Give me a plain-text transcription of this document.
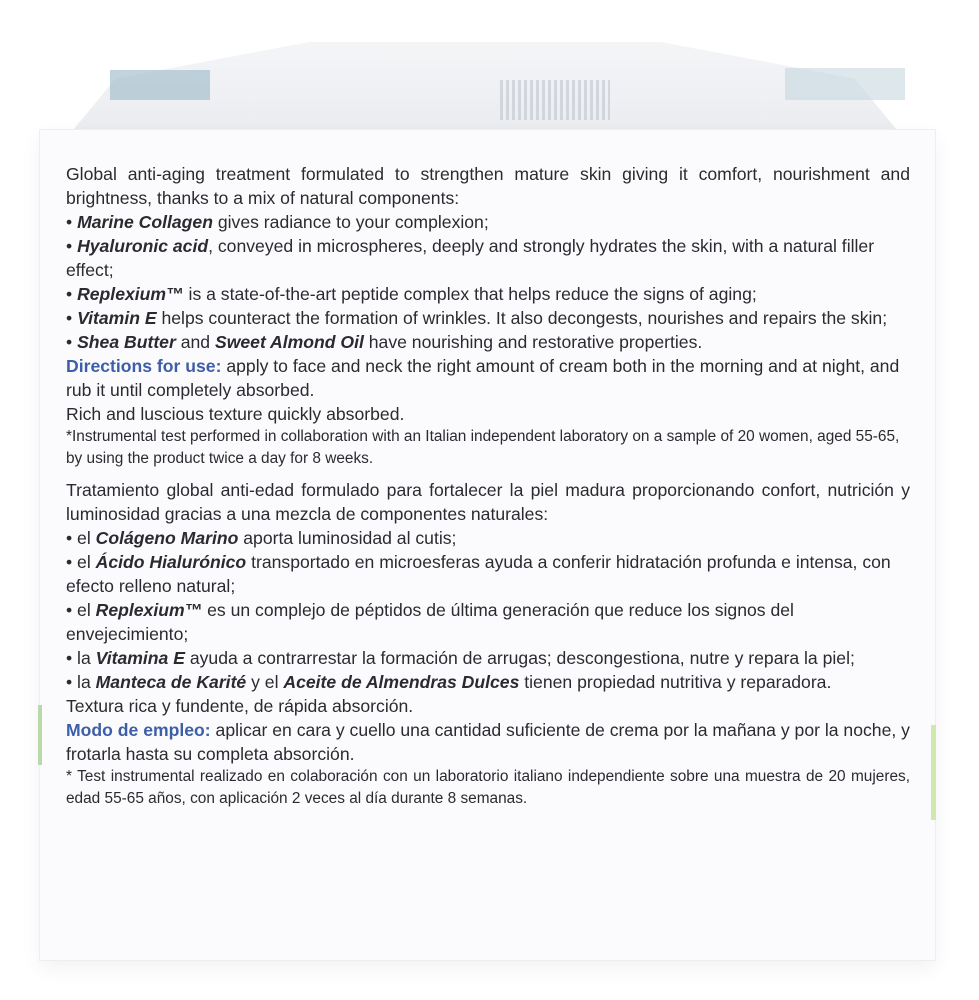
Global anti-aging treatment formulated to strengthen mature skin giving it comfort, nourishment and brightness, thanks to a mix of natural components:

• Marine Collagen gives radiance to your complexion;

• Hyaluronic acid, conveyed in microspheres, deeply and strongly hydrates the skin, with a natural filler effect;

• Replexium™ is a state-of-the-art peptide complex that helps reduce the signs of aging;

• Vitamin E helps counteract the formation of wrinkles. It also decongests, nourishes and repairs the skin;

• Shea Butter and Sweet Almond Oil have nourishing and restorative properties.

Directions for use: apply to face and neck the right amount of cream both in the morning and at night, and rub it until completely absorbed.

Rich and luscious texture quickly absorbed.

*Instrumental test performed in collaboration with an Italian independent laboratory on a sample of 20 women, aged 55-65, by using the product twice a day for 8 weeks.

Tratamiento global anti-edad formulado para fortalecer la piel madura proporcionando confort, nutrición y luminosidad gracias a una mezcla de componentes naturales:

• el Colágeno Marino aporta luminosidad al cutis;

• el Ácido Hialurónico transportado en microesferas ayuda a conferir hidratación profunda e intensa, con efecto relleno natural;

• el Replexium™ es un complejo de péptidos de última generación que reduce los signos del envejecimiento;

• la Vitamina E ayuda a contrarrestar la formación de arrugas; descongestiona, nutre y repara la piel;

• la Manteca de Karité y el Aceite de Almendras Dulces tienen propiedad nutritiva y reparadora.

Textura rica y fundente, de rápida absorción.

Modo de empleo: aplicar en cara y cuello una cantidad suficiente de crema por la mañana y por la noche, y frotarla hasta su completa absorción.

* Test instrumental realizado en colaboración con un laboratorio italiano independiente sobre una muestra de 20 mujeres, edad 55-65 años, con aplicación 2 veces al día durante 8 semanas.
